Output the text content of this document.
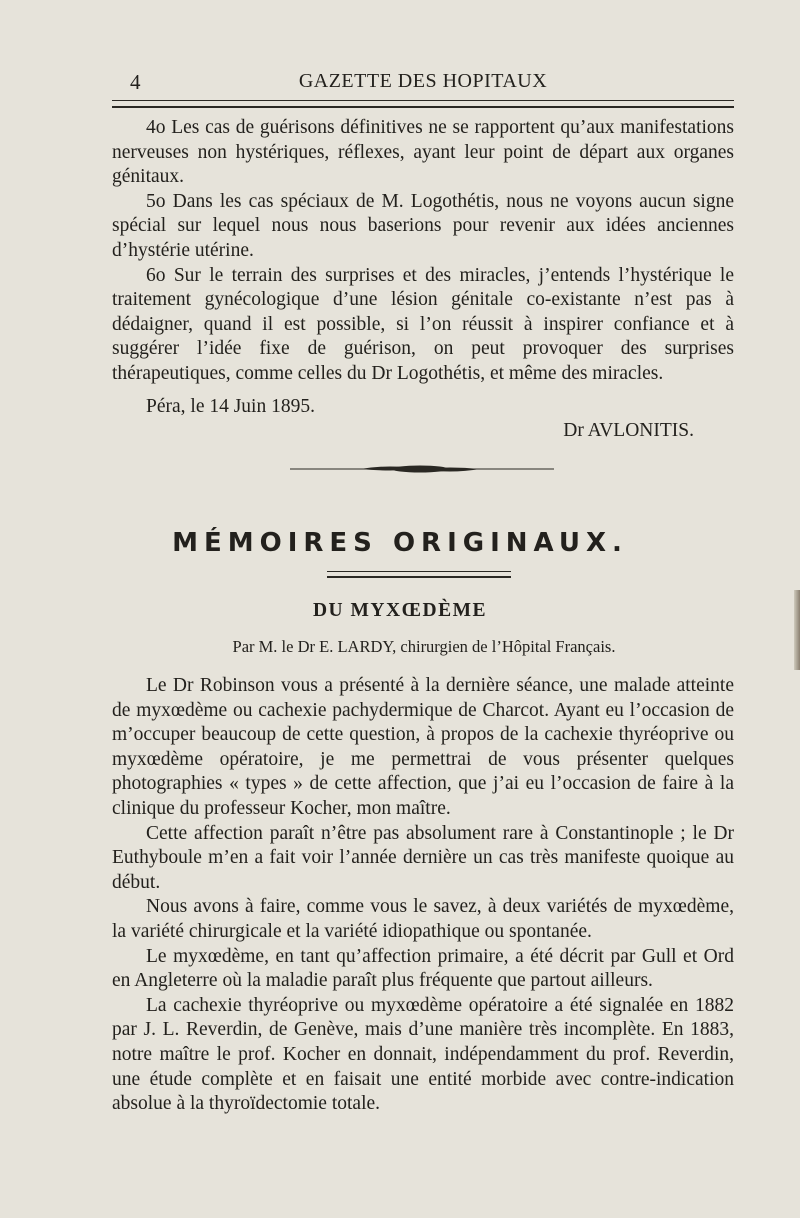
4	GAZETTE DES HOPITAUX

4o Les cas de guérisons définitives ne se rapportent qu’aux manifestations nerveuses non hystériques, réflexes, ayant leur point de départ aux organes génitaux.

5o Dans les cas spéciaux de M. Logothétis, nous ne voyons aucun signe spécial sur lequel nous nous baserions pour revenir aux idées anciennes d’hystérie utérine.

6o Sur le terrain des surprises et des miracles, j’entends l’hystérique le traitement gynécologique d’une lésion génitale co-existante n’est pas à dédaigner, quand il est possible, si l’on réussit à inspirer confiance et à suggérer l’idée fixe de guérison, on peut provoquer des surprises thérapeutiques, comme celles du Dr Logothétis, et même des miracles.

Péra, le 14 Juin 1895.
Dr AVLONITIS.
MÉMOIRES ORIGINAUX.
DU MYXŒDÈME
Par M. le Dr E. LARDY, chirurgien de l’Hôpital Français.

Le Dr Robinson vous a présenté à la dernière séance, une malade atteinte de myxœdème ou cachexie pachydermique de Charcot. Ayant eu l’occasion de m’occuper beaucoup de cette question, à propos de la cachexie thyréoprive ou myxœdème opératoire, je me permettrai de vous présenter quelques photographies « types » de cette affection, que j’ai eu l’occasion de faire à la clinique du professeur Kocher, mon maître.

Cette affection paraît n’être pas absolument rare à Constantinople ; le Dr Euthyboule m’en a fait voir l’année dernière un cas très manifeste quoique au début.

Nous avons à faire, comme vous le savez, à deux variétés de myxœdème, la variété chirurgicale et la variété idiopathique ou spontanée.

Le myxœdème, en tant qu’affection primaire, a été décrit par Gull et Ord en Angleterre où la maladie paraît plus fréquente que partout ailleurs.

La cachexie thyréoprive ou myxœdème opératoire a été signalée en 1882 par J. L. Reverdin, de Genève, mais d’une manière très incomplète. En 1883, notre maître le prof. Kocher en donnait, indépendamment du prof. Reverdin, une étude complète et en faisait une entité morbide avec contre-indication absolue à la thyroïdectomie totale.
